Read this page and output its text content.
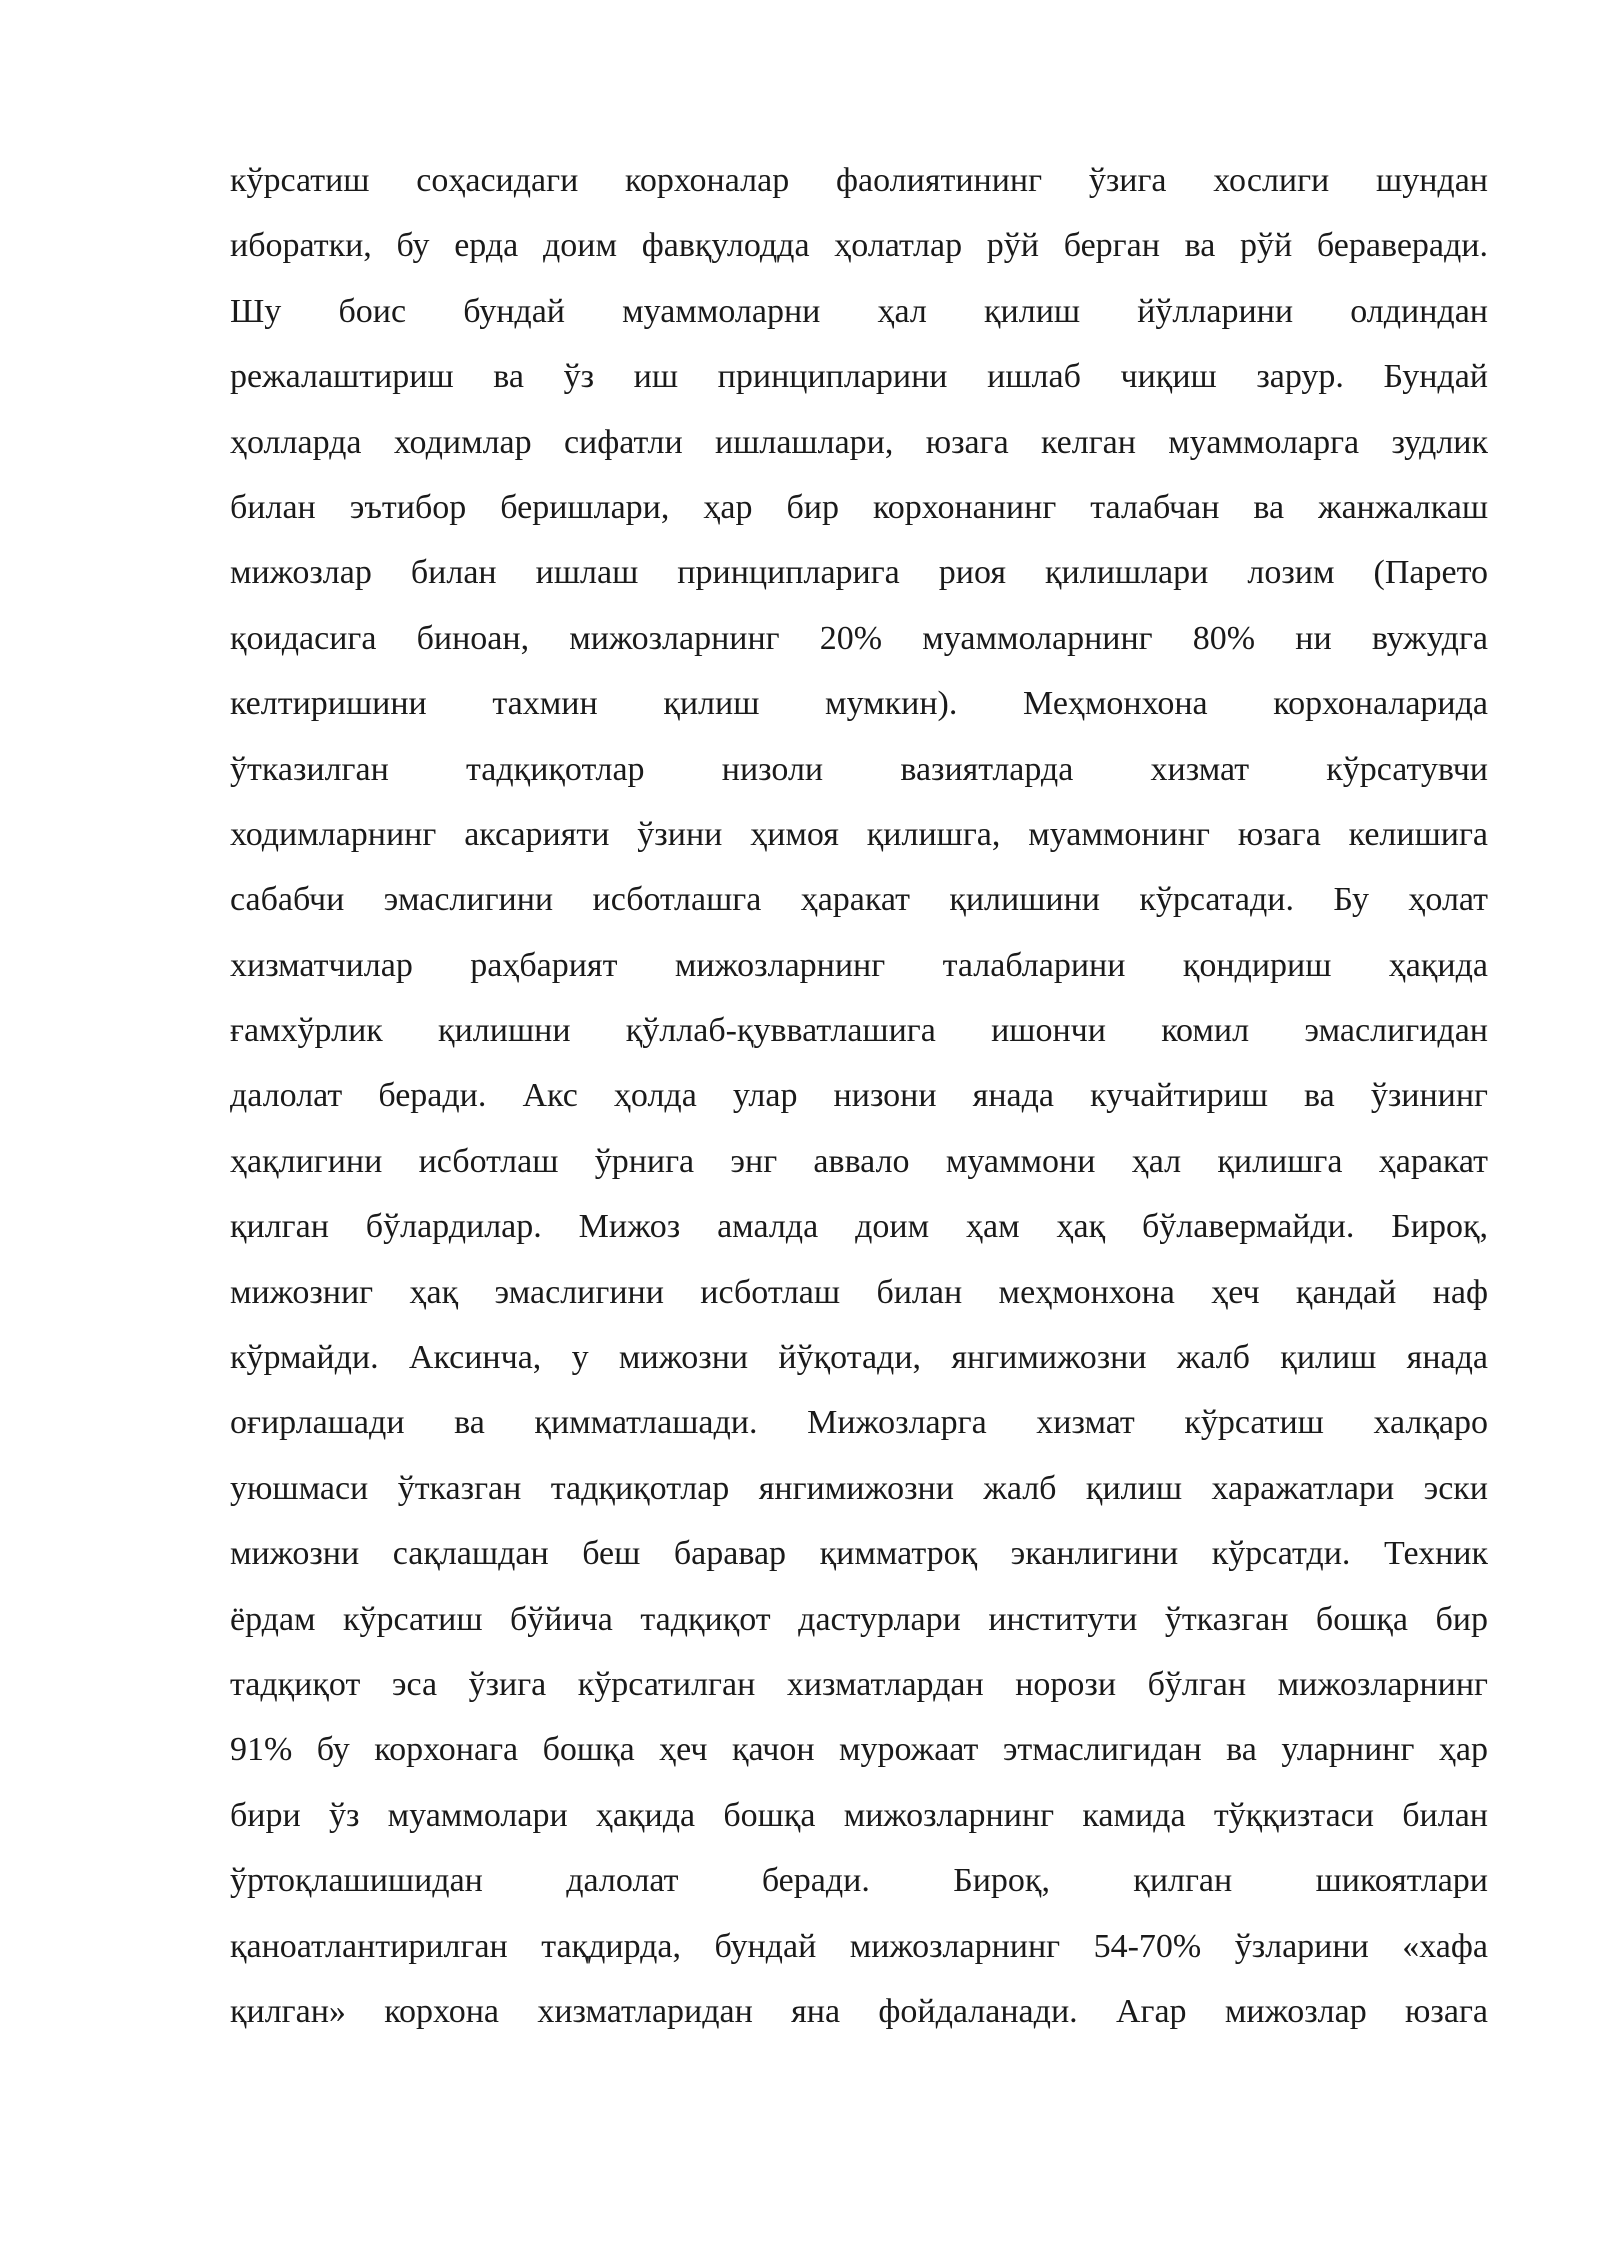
кўрсатиш соҳасидаги корхоналар фаолиятининг ўзига хослиги шундан
иборатки, бу ерда доим фавқулодда ҳолатлар рўй берган ва рўй бераверади.
Шу боис бундай муаммоларни ҳал қилиш йўлларини олдиндан
режалаштириш ва ўз иш принципларини ишлаб чиқиш зарур. Бундай
ҳолларда ходимлар сифатли ишлашлари, юзага келган муаммоларга зудлик
билан эътибор беришлари, ҳар бир корхонанинг талабчан ва жанжалкаш
мижозлар билан ишлаш принципларига риоя қилишлари лозим (Парето
қоидасига биноан, мижозларнинг 20% муаммоларнинг 80% ни вужудга
келтиришини тахмин қилиш мумкин). Меҳмонхона корхоналарида
ўтказилган тадқиқотлар низоли вазиятларда хизмат кўрсатувчи
ходимларнинг аксарияти ўзини ҳимоя қилишга, муаммонинг юзага келишига
сабабчи эмаслигини исботлашга ҳаракат қилишини кўрсатади. Бу ҳолат
хизматчилар раҳбарият мижозларнинг талабларини қондириш ҳақида
ғамхўрлик қилишни қўллаб-қувватлашига ишончи комил эмаслигидан
далолат беради. Акс ҳолда улар низони янада кучайтириш ва ўзининг
ҳақлигини исботлаш ўрнига энг аввало муаммони ҳал қилишга ҳаракат
қилган бўлардилар. Мижоз амалда доим ҳам ҳақ бўлавермайди. Бироқ,
мижозниг ҳақ эмаслигини исботлаш билан меҳмонхона ҳеч қандай наф
кўрмайди. Аксинча, у мижозни йўқотади, янгимижозни жалб қилиш янада
оғирлашади ва қимматлашади. Мижозларга хизмат кўрсатиш халқаро
уюшмаси ўтказган тадқиқотлар янгимижозни жалб қилиш харажатлари эски
мижозни сақлашдан беш баравар қимматроқ эканлигини кўрсатди. Техник
ёрдам кўрсатиш бўйича тадқиқот дастурлари институти ўтказган бошқа бир
тадқиқот эса ўзига кўрсатилган хизматлардан норози бўлган мижозларнинг
91% бу корхонага бошқа ҳеч қачон мурожаат этмаслигидан ва уларнинг ҳар
бири ўз муаммолари ҳақида бошқа мижозларнинг камида тўққизтаси билан
ўртоқлашишидан далолат беради. Бироқ, қилган шикоятлари
қаноатлантирилган тақдирда, бундай мижозларнинг 54-70% ўзларини «хафа
қилган» корхона хизматларидан яна фойдаланади. Агар мижозлар юзага
